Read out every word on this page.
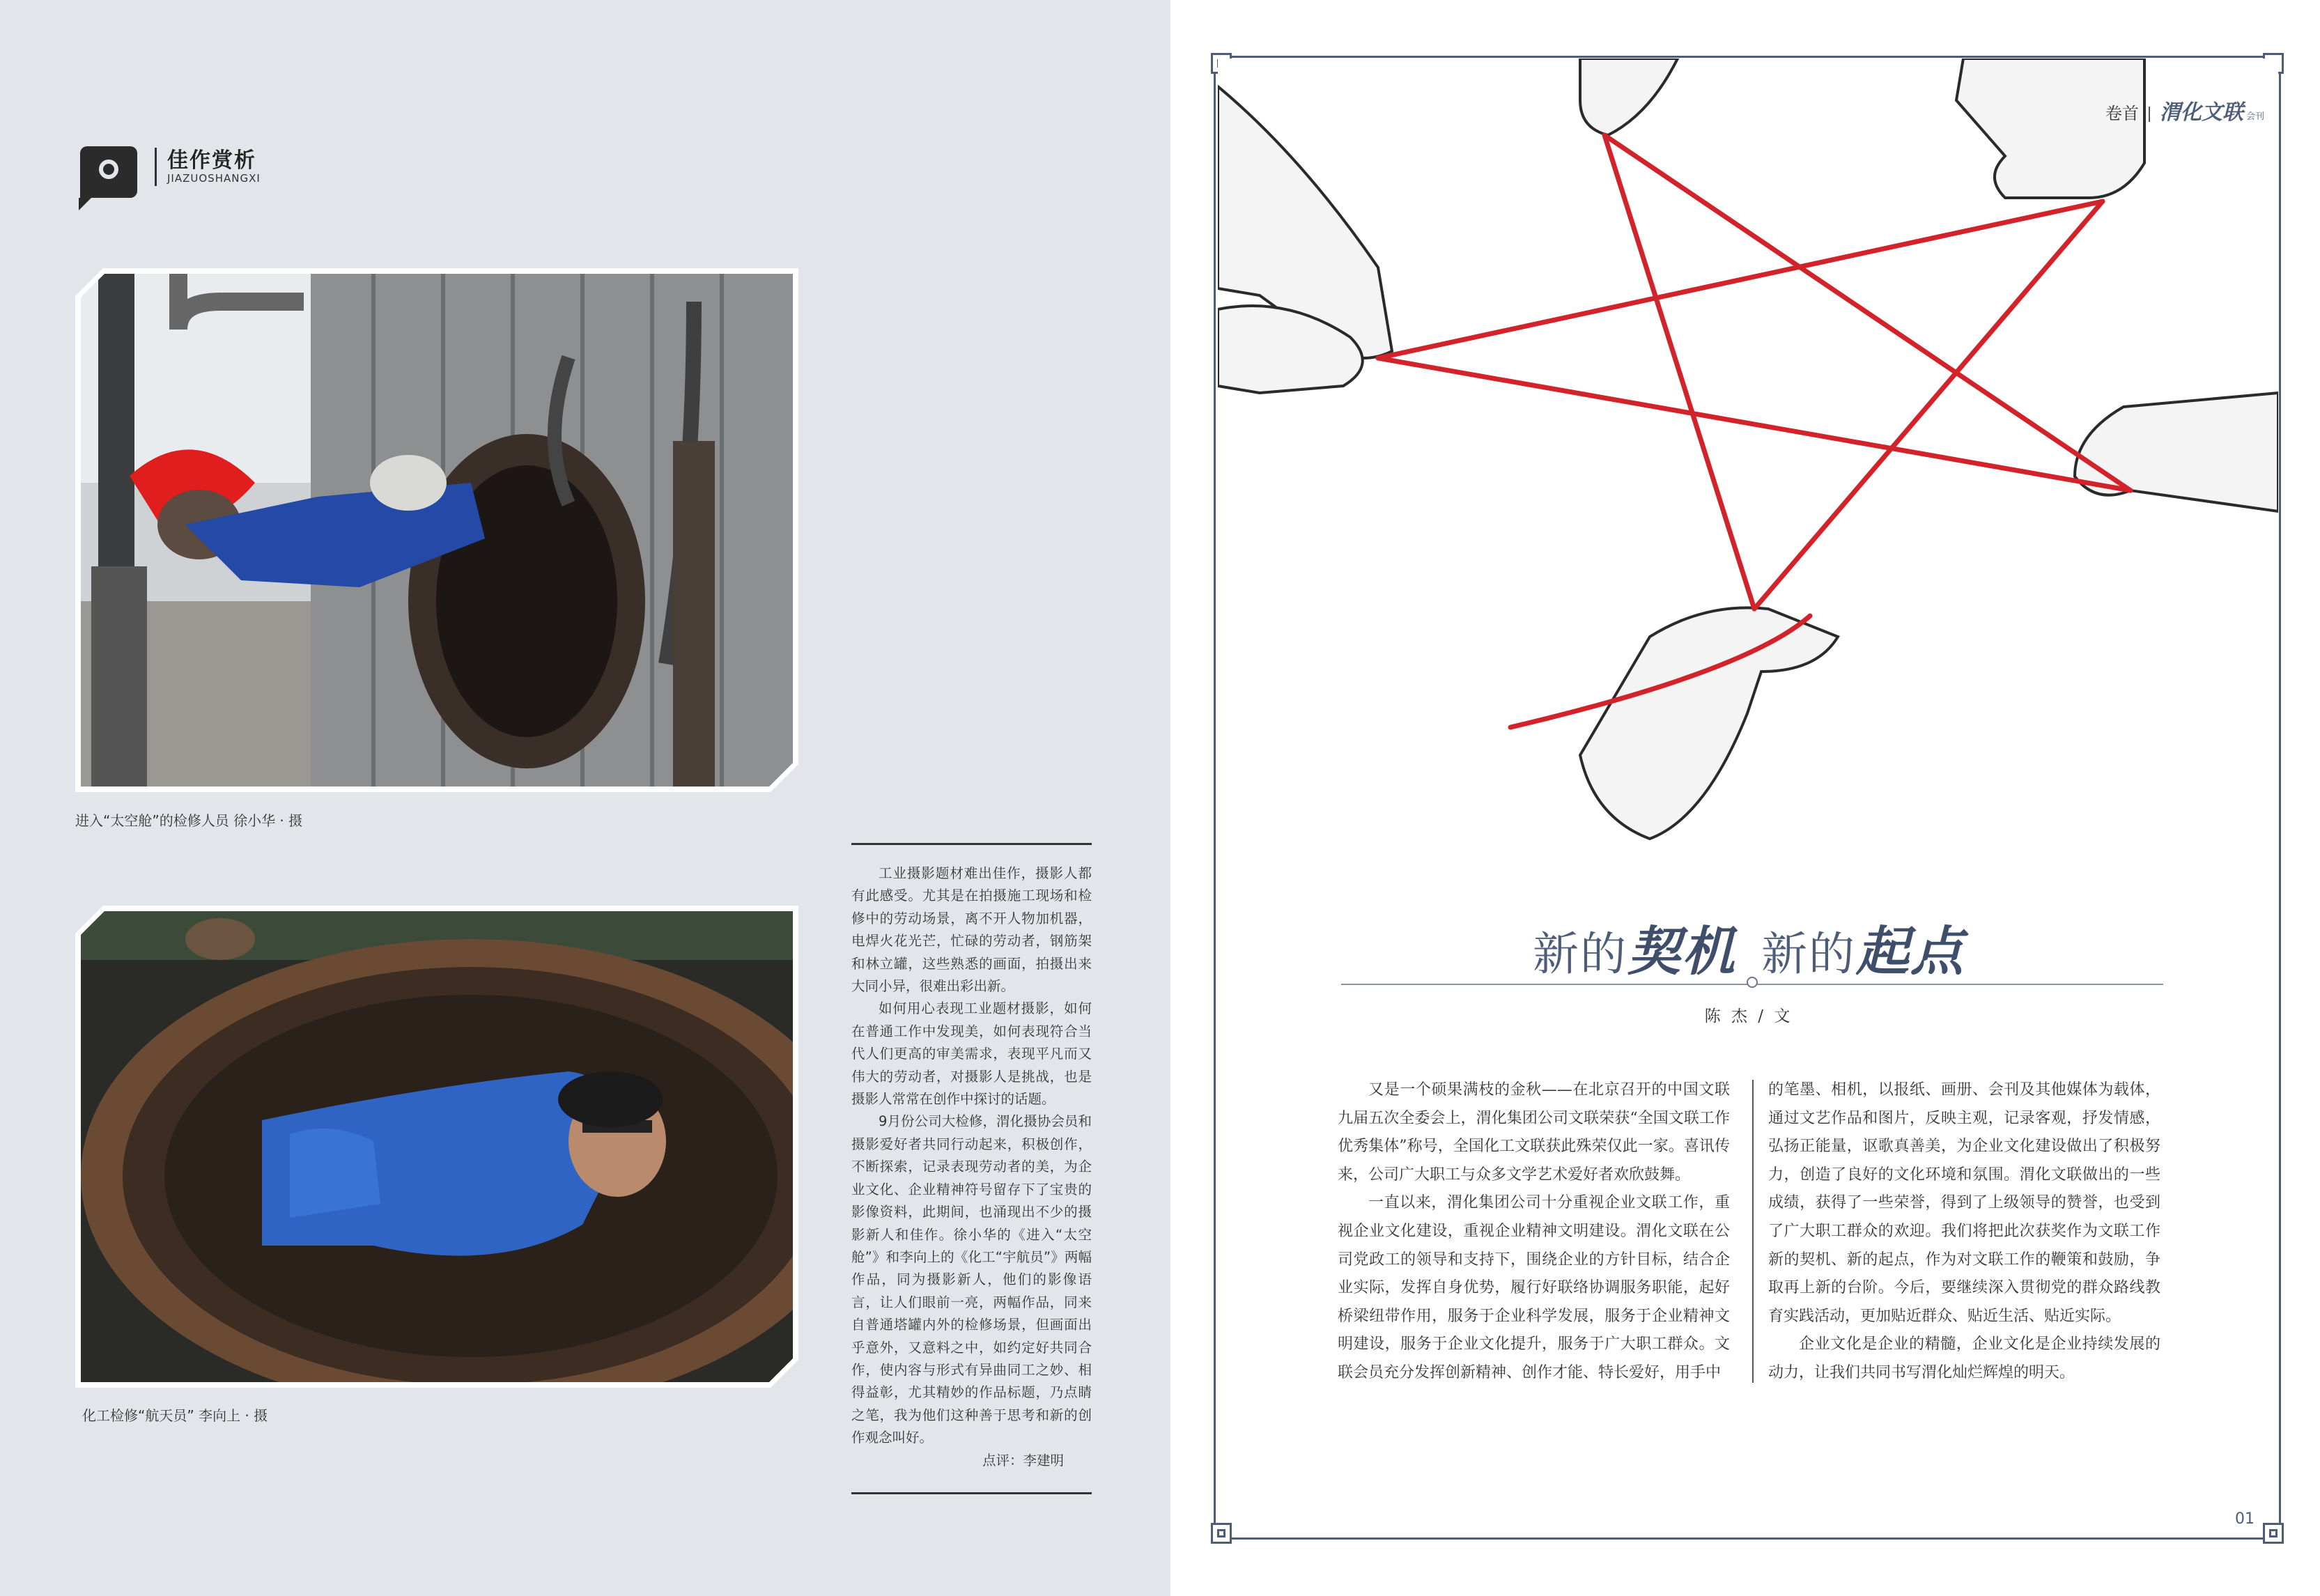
佳作赏析
JIAZUOSHANGXI
进入“太空舱”的检修人员 徐小华 · 摄
化工检修“航天员” 李向上 · 摄

工业摄影题材难出佳作，摄影人都有此感受。尤其是在拍摄施工现场和检修中的劳动场景，离不开人物加机器，电焊火花光芒，忙碌的劳动者，钢筋架和林立罐，这些熟悉的画面，拍摄出来大同小异，很难出彩出新。

如何用心表现工业题材摄影，如何在普通工作中发现美，如何表现符合当代人们更高的审美需求，表现平凡而又伟大的劳动者，对摄影人是挑战，也是摄影人常常在创作中探讨的话题。

9月份公司大检修，渭化摄协会员和摄影爱好者共同行动起来，积极创作，不断探索，记录表现劳动者的美，为企业文化、企业精神符号留存下了宝贵的影像资料，此期间，也涌现出不少的摄影新人和佳作。徐小华的《进入“太空舱”》和李向上的《化工“宇航员”》两幅作品，同为摄影新人，他们的影像语言，让人们眼前一亮，两幅作品，同来自普通塔罐内外的检修场景，但画面出乎意外，又意料之中，如约定好共同合作，使内容与形式有异曲同工之妙、相得益彰，尤其精妙的作品标题，乃点睛之笔，我为他们这种善于思考和新的创作观念叫好。

点评：李建明

卷首 渭化文联 会刊
新的契机 新的起点
陈 杰 / 文

又是一个硕果满枝的金秋——在北京召开的中国文联九届五次全委会上，渭化集团公司文联荣获“全国文联工作优秀集体”称号，全国化工文联获此殊荣仅此一家。喜讯传来，公司广大职工与众多文学艺术爱好者欢欣鼓舞。

一直以来，渭化集团公司十分重视企业文联工作，重视企业文化建设，重视企业精神文明建设。渭化文联在公司党政工的领导和支持下，围绕企业的方针目标，结合企业实际，发挥自身优势，履行好联络协调服务职能，起好桥梁纽带作用，服务于企业科学发展，服务于企业精神文明建设，服务于企业文化提升，服务于广大职工群众。文联会员充分发挥创新精神、创作才能、特长爱好，用手中

的笔墨、相机，以报纸、画册、会刊及其他媒体为载体，通过文艺作品和图片，反映主观，记录客观，抒发情感，弘扬正能量，讴歌真善美，为企业文化建设做出了积极努力，创造了良好的文化环境和氛围。渭化文联做出的一些成绩，获得了一些荣誉，得到了上级领导的赞誉，也受到了广大职工群众的欢迎。我们将把此次获奖作为文联工作新的契机、新的起点，作为对文联工作的鞭策和鼓励，争取再上新的台阶。今后，要继续深入贯彻党的群众路线教育实践活动，更加贴近群众、贴近生活、贴近实际。

企业文化是企业的精髓，企业文化是企业持续发展的动力，让我们共同书写渭化灿烂辉煌的明天。

01
